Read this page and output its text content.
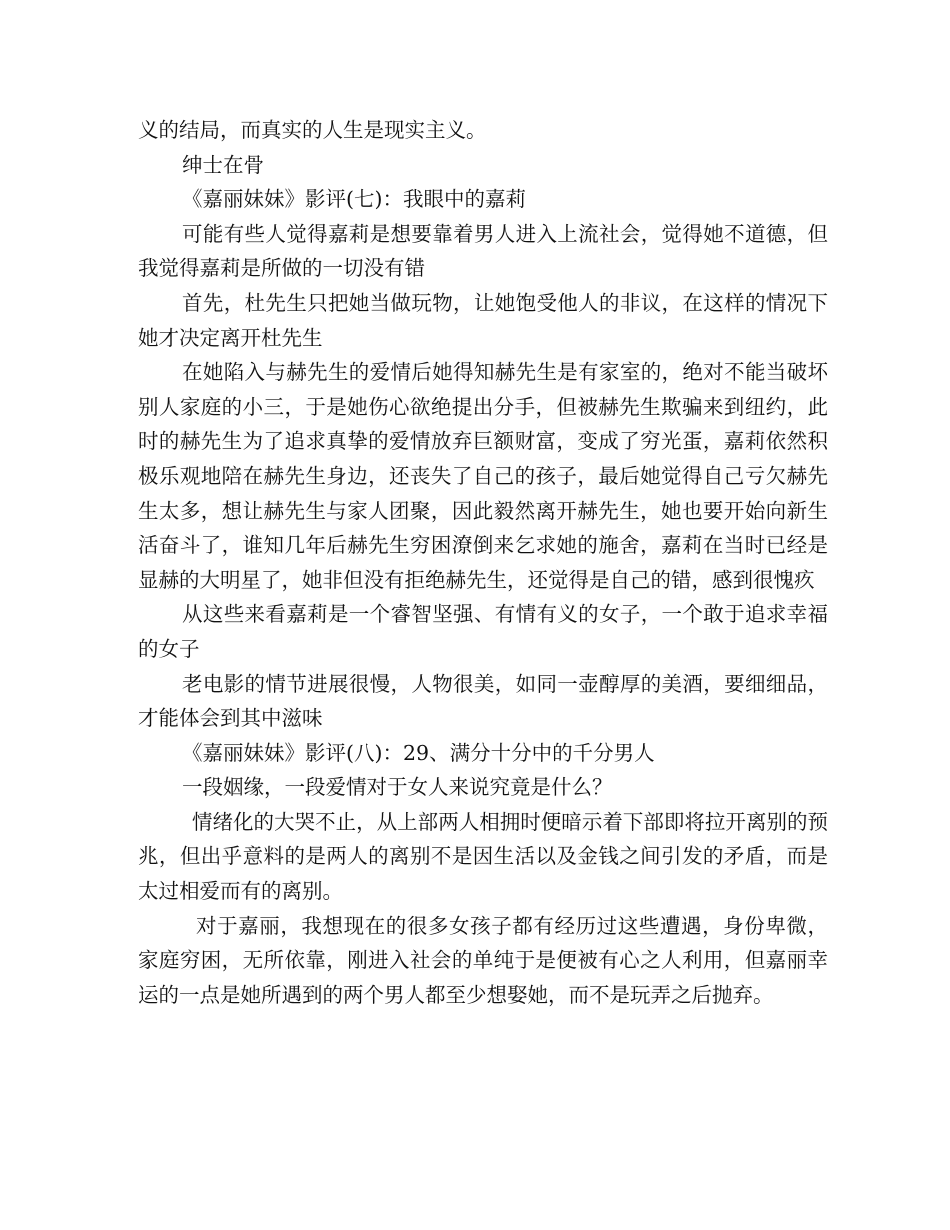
义的结局，而真实的人生是现实主义。

绅士在骨

《嘉丽妹妹》影评(七)：我眼中的嘉莉

可能有些人觉得嘉莉是想要靠着男人进入上流社会，觉得她不道德，但我觉得嘉莉是所做的一切没有错

首先，杜先生只把她当做玩物，让她饱受他人的非议，在这样的情况下她才决定离开杜先生

在她陷入与赫先生的爱情后她得知赫先生是有家室的，绝对不能当破坏别人家庭的小三，于是她伤心欲绝提出分手，但被赫先生欺骗来到纽约，此时的赫先生为了追求真挚的爱情放弃巨额财富，变成了穷光蛋，嘉莉依然积极乐观地陪在赫先生身边，还丧失了自己的孩子，最后她觉得自己亏欠赫先生太多，想让赫先生与家人团聚，因此毅然离开赫先生，她也要开始向新生活奋斗了，谁知几年后赫先生穷困潦倒来乞求她的施舍，嘉莉在当时已经是显赫的大明星了，她非但没有拒绝赫先生，还觉得是自己的错，感到很愧疚

从这些来看嘉莉是一个睿智坚强、有情有义的女子，一个敢于追求幸福的女子

老电影的情节进展很慢，人物很美，如同一壶醇厚的美酒，要细细品，才能体会到其中滋味

《嘉丽妹妹》影评(八)：29、满分十分中的千分男人

一段姻缘，一段爱情对于女人来说究竟是什么？

情绪化的大哭不止，从上部两人相拥时便暗示着下部即将拉开离别的预兆，但出乎意料的是两人的离别不是因生活以及金钱之间引发的矛盾，而是太过相爱而有的离别。

对于嘉丽，我想现在的很多女孩子都有经历过这些遭遇，身份卑微，家庭穷困，无所依靠，刚进入社会的单纯于是便被有心之人利用，但嘉丽幸运的一点是她所遇到的两个男人都至少想娶她，而不是玩弄之后抛弃。
